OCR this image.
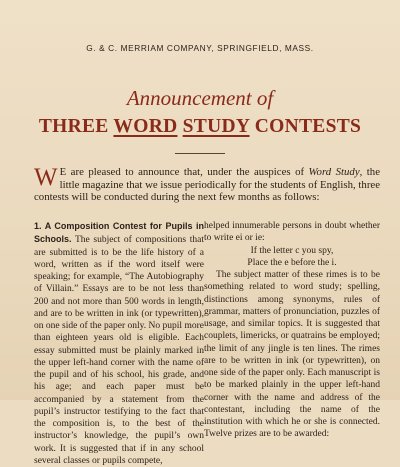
G. & C. MERRIAM COMPANY, SPRINGFIELD, MASS.
Announcement of
THREE WORD STUDY CONTESTS
W E are pleased to announce that, under the auspices of Word Study, the little magazine that we issue periodically for the students of English, three contests will be conducted during the next few months as follows:

1. A Composition Contest for Pupils in Schools. The subject of compositions that are submitted is to be the life history of a word, written as if the word itself were speaking; for example, “The Autobiography of Villain.” Essays are to be not less than 200 and not more than 500 words in length, and are to be written in ink (or typewritten), on one side of the paper only. No pupil more than eighteen years old is eligible. Each essay submitted must be plainly marked in the upper left-hand corner with the name of the pupil and of his school, his grade, and his age; and each paper must be accompanied by a statement from the pupil’s instructor testifying to the fact that the composition is, to the best of the instructor’s knowledge, the pupil’s own work. It is suggested that if in any school several classes or pupils compete,

helped innumerable persons in doubt whether to write ei or ie:

If the letter c you spy,

Place the e before the i.

The subject matter of these rimes is to be something related to word study; spelling, distinctions among synonyms, rules of grammar, matters of pronunciation, puzzles of usage, and similar topics. It is suggested that couplets, limericks, or quatrains be employed; the limit of any jingle is ten lines. The rimes are to be written in ink (or typewritten), on one side of the paper only. Each manuscript is to be marked plainly in the upper left-hand corner with the name and address of the contestant, including the name of the institution with which he or she is connected. Twelve prizes are to be awarded:
